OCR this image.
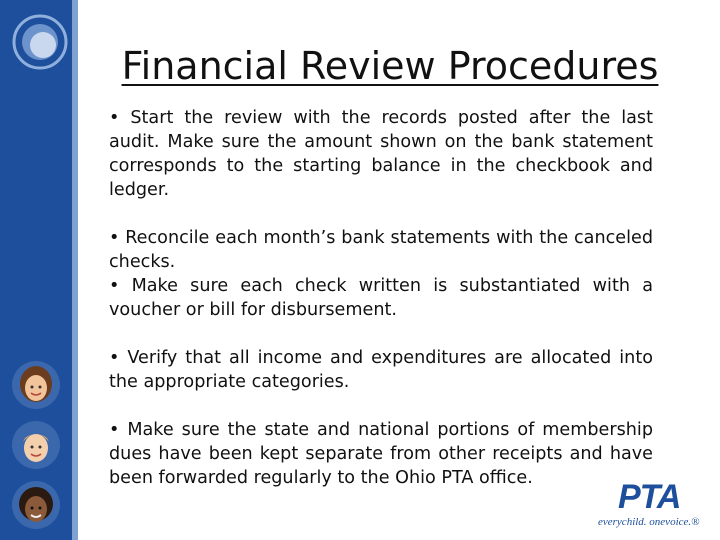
Financial Review Procedures

• Start the review with the records posted after the last audit. Make sure the amount shown on the bank statement corresponds to the starting balance in the checkbook and ledger.

• Reconcile each month’s bank statements with the canceled checks.

• Make sure each check written is substantiated with a voucher or bill for disbursement.

• Verify that all income and expenditures are allocated into the appropriate categories.

• Make sure the state and national portions of membership dues have been kept separate from other receipts and have been forwarded regularly to the Ohio PTA office.	PTA
everychild. onevoice.®
